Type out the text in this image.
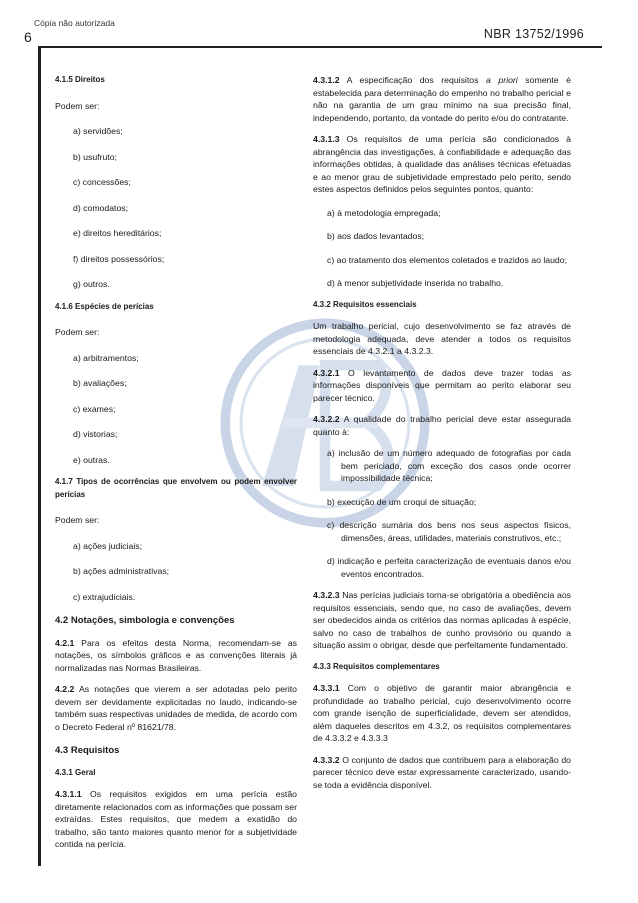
Cópia não autorizada
6	NBR 13752/1996

4.1.5 Direitos

Podem ser:

a) servidões;

b) usufruto;

c) concessões;

d) comodatos;

e) direitos hereditários;

f) direitos possessórios;

g) outros.

4.1.6 Espécies de perícias

Podem ser:

a) arbitramentos;

b) avaliações;

c) exames;

d) vistorias;

e) outras.

4.1.7 Tipos de ocorrências que envolvem ou podem envolver perícias

Podem ser:

a) ações judiciais;

b) ações administrativas;

c) extrajudiciais.

4.2 Notações, simbologia e convenções

4.2.1 Para os efeitos desta Norma, recomendam-se as notações, os símbolos gráficos e as convenções literais já normalizadas nas Normas Brasileiras.

4.2.2 As notações que vierem a ser adotadas pelo perito devem ser devidamente explicitadas no laudo, indicando-se também suas respectivas unidades de medida, de acordo com o Decreto Federal nº 81621/78.

4.3 Requisitos

4.3.1 Geral

4.3.1.1 Os requisitos exigidos em uma perícia estão diretamente relacionados com as informações que possam ser extraídas. Estes requisitos, que medem a exatidão do trabalho, são tanto maiores quanto menor for a subjetividade contida na perícia.

4.3.1.2 A especificação dos requisitos a priori somente é estabelecida para determinação do empenho no trabalho pericial e não na garantia de um grau mínimo na sua precisão final, independendo, portanto, da vontade do perito e/ou do contratante.

4.3.1.3 Os requisitos de uma perícia são condicionados à abrangência das investigações, à confiabilidade e adequação das informações obtidas, à qualidade das análises técnicas efetuadas e ao menor grau de subjetividade emprestado pelo perito, sendo estes aspectos definidos pelos seguintes pontos, quanto:

a) à metodologia empregada;

b) aos dados levantados;

c) ao tratamento dos elementos coletados e trazidos ao laudo;

d) à menor subjetividade inserida no trabalho.

4.3.2 Requisitos essenciais

Um trabalho pericial, cujo desenvolvimento se faz através de metodologia adequada, deve atender a todos os requisitos essenciais de 4.3.2.1 a 4.3.2.3.

4.3.2.1 O levantamento de dados deve trazer todas as informações disponíveis que permitam ao perito elaborar seu parecer técnico.

4.3.2.2 A qualidade do trabalho pericial deve estar assegurada quanto à:

a) inclusão de um número adequado de fotografias por cada bem periciado, com exceção dos casos onde ocorrer impossibilidade técnica;

b) execução de um croqui de situação;

c) descrição sumária dos bens nos seus aspectos físicos, dimensões, áreas, utilidades, materiais construtivos, etc.;

d) indicação e perfeita caracterização de eventuais danos e/ou eventos encontrados.

4.3.2.3 Nas perícias judiciais torna-se obrigatória a obediência aos requisitos essenciais, sendo que, no caso de avaliações, devem ser obedecidos ainda os critérios das normas aplicadas à espécie, salvo no caso de trabalhos de cunho provisório ou quando a situação assim o obrigar, desde que perfeitamente fundamentado.

4.3.3 Requisitos complementares

4.3.3.1 Com o objetivo de garantir maior abrangência e profundidade ao trabalho pericial, cujo desenvolvimento ocorre com grande isenção de superficialidade, devem ser atendidos, além daqueles descritos em 4.3.2, os requisitos complementares de 4.3.3.2 e 4.3.3.3

4.3.3.2 O conjunto de dados que contribuem para a elaboração do parecer técnico deve estar expressamente caracterizado, usando-se toda a evidência disponível.
